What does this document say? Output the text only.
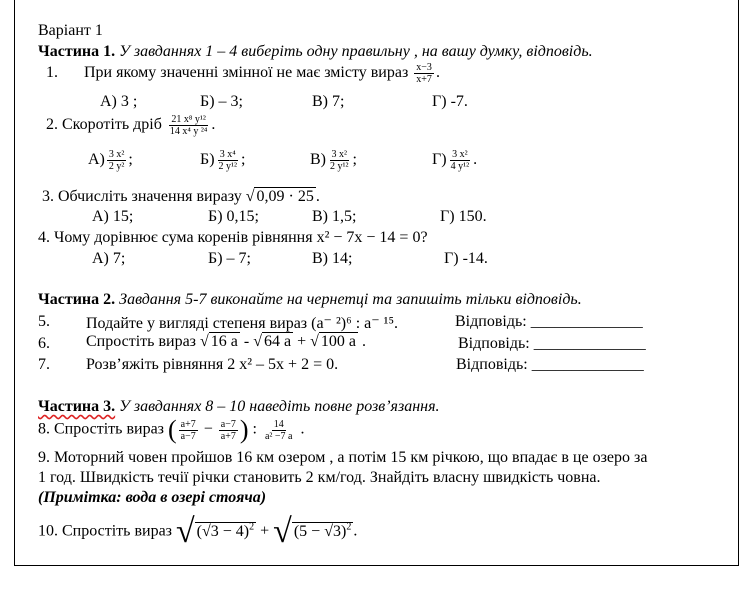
Варіант 1
Частина 1. У завданнях 1 – 4 виберіть одну правильну , на вашу думку, відповідь.
1. При якому значенні змінної не має змісту вираз $\frac{x-3}{x+7}$ .
А) 3 ;	Б) – 3;	В) 7;	Г) -7.
2. Скоротіть дріб $\frac{\text{21 x⁸ y¹²}}{\text{14 x⁴ y ²⁴}}$ .
$А) \frac{\text{3 x²}}{\text{2 y²}}$ ;	$Б) \frac{\text{3 x⁴}}{\text{2 y¹²}}$ ;	$В) \frac{\text{3 x²}}{\text{2 y¹²}}$ ;	$Г) \frac{\text{3 x²}}{\text{4 y¹²}}$ .
3. Обчисліть значення виразу √ 0,09 · 25 .
А) 15;	Б) 0,15;	В) 1,5;	Г) 150.
4. Чому дорівнює сума коренів рівняння x² − 7x − 14 = 0?
А) 7;	Б) – 7;	В) 14;	Г) -14.
Частина 2. Завдання 5-7 виконайте на чернетці та запишіть тільки відповідь.
5. Подайте у вигляді степеня вираз (a⁻ ²)⁶ : a⁻ ¹⁵.	Відповідь: ______________
6. Спростіть вираз √ 16 a - √ 64 a + √ 100 a .	Відповідь: ______________
7. Розв’яжіть рівняння 2 x² – 5x + 2 = 0.	Відповідь: ______________
Частина 3. У завданнях 8 – 10 наведіть повне розв’язання.
8. Спростіть вираз ( $\frac{a+7}{a-7} - \frac{a-7}{a+7}$ ) : $\frac{14}{\text{a² −7 a}}$ .
9. Моторний човен пройшов 16 км озером , а потім 15 км річкою, що впадає в це озеро за
1 год. Швидкість течії річки становить 2 км/год. Знайдіть власну швидкість човна.
(Примітка: вода в озері стояча)
10. Спростіть вираз √ $(√3 - 4)^2$ + √ $(5 - √3)^2$ .
